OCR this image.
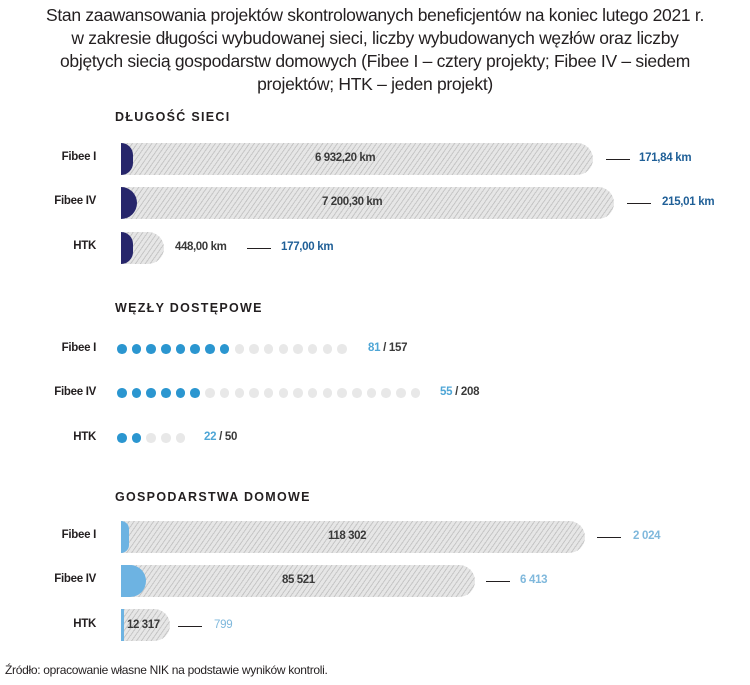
Stan zaawansowania projektów skontrolowanych beneficjentów na koniec lutego 2021 r.
w zakresie długości wybudowanej sieci, liczby wybudowanych węzłów oraz liczby
objętych siecią gospodarstw domowych (Fibee I – cztery projekty; Fibee IV – siedem
projektów; HTK – jeden projekt)
DŁUGOŚĆ SIECI
Fibee I	6 932,20 km	171,84 km
Fibee IV	7 200,30 km	215,01 km
HTK	448,00 km	177,00 km
WĘZŁY DOSTĘPOWE
Fibee I	81 / 157
Fibee IV	55 / 208
HTK	22 / 50
GOSPODARSTWA DOMOWE
Fibee I	118 302	2 024
Fibee IV	85 521	6 413
HTK	12 317	799
Źródło: opracowanie własne NIK na podstawie wyników kontroli.
